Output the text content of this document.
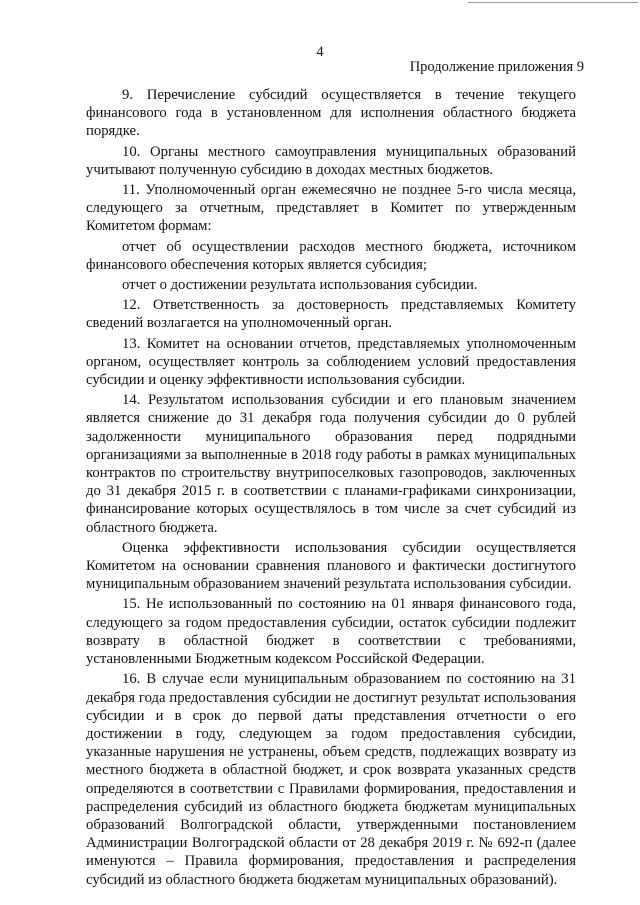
4
Продолжение приложения 9

9. Перечисление субсидий осуществляется в течение текущего финансового года в установленном для исполнения областного бюджета порядке.

10. Органы местного самоуправления муниципальных образований учитывают полученную субсидию в доходах местных бюджетов.

11. Уполномоченный орган ежемесячно не позднее 5-го числа месяца, следующего за отчетным, представляет в Комитет по утвержденным Комитетом формам:

отчет об осуществлении расходов местного бюджета, источником финансового обеспечения которых является субсидия;

отчет о достижении результата использования субсидии.

12. Ответственность за достоверность представляемых Комитету сведений возлагается на уполномоченный орган.

13. Комитет на основании отчетов, представляемых уполномоченным органом, осуществляет контроль за соблюдением условий предоставления субсидии и оценку эффективности использования субсидии.

14. Результатом использования субсидии и его плановым значением является снижение до 31 декабря года получения субсидии до 0 рублей задолженности муниципального образования перед подрядными организациями за выполненные в 2018 году работы в рамках муниципальных контрактов по строительству внутрипоселковых газопроводов, заключенных до 31 декабря 2015 г. в соответствии с планами-графиками синхронизации, финансирование которых осуществлялось в том числе за счет субсидий из областного бюджета.

Оценка эффективности использования субсидии осуществляется Комитетом на основании сравнения планового и фактически достигнутого муниципальным образованием значений результата использования субсидии.

15. Не использованный по состоянию на 01 января финансового года, следующего за годом предоставления субсидии, остаток субсидии подлежит возврату в областной бюджет в соответствии с требованиями, установленными Бюджетным кодексом Российской Федерации.

16. В случае если муниципальным образованием по состоянию на 31 декабря года предоставления субсидии не достигнут результат использования субсидии и в срок до первой даты представления отчетности о его достижении в году, следующем за годом предоставления субсидии, указанные нарушения не устранены, объем средств, подлежащих возврату из местного бюджета в областной бюджет, и срок возврата указанных средств определяются в соответствии с Правилами формирования, предоставления и распределения субсидий из областного бюджета бюджетам муниципальных образований Волгоградской области, утвержденными постановлением Администрации Волгоградской области от 28 декабря 2019 г. № 692-п (далее именуются – Правила формирования, предоставления и распределения субсидий из областного бюджета бюджетам муниципальных образований).
